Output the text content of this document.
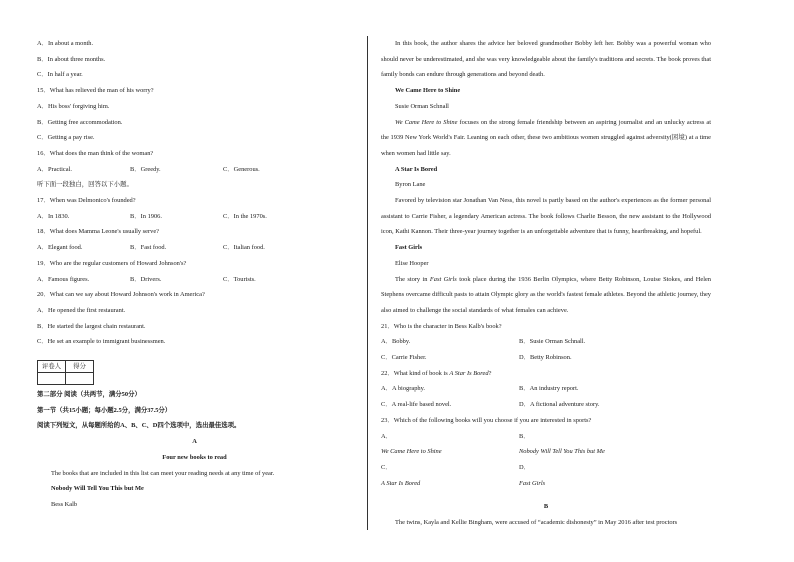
A．In about a month.
B．In about three months.
C．In half a year.
15．What has relieved the man of his worry?
A．His boss' forgiving him.
B．Getting free accommodation.
C．Getting a pay rise.
16．What does the man think of the woman?
A．Practical.	B．Greedy.	C．Generous.
听下面一段独白，回答以下小题。
17．When was Delmonico's founded?
A．In 1830.	B．In 1906.	C．In the 1970s.
18．What does Mamma Leone's usually serve?
A．Elegant food.	B．Fast food.	C．Italian food.
19．Who are the regular customers of Howard Johnson's?
A．Famous figures.	B．Drivers.	C．Tourists.
20．What can we say about Howard Johnson's work in America?
A．He opened the first restaurant.
B．He started the largest chain restaurant.
C．He set an example to immigrant businessmen.
评卷人	得分

第二部分 阅读（共两节，满分50分）
第一节（共15小题；每小题2.5分，满分37.5分）
阅读下列短文，从每题所给的A、B、C、D四个选项中，选出最佳选项。
A
Four new books to read
The books that are included in this list can meet your reading needs at any time of year.
Nobody Will Tell You This but Me
Bess Kalb
In this book, the author shares the advice her beloved grandmother Bobby left her. Bobby was a powerful woman who should never be underestimated, and she was very knowledgeable about the family's traditions and secrets. The book proves that family bonds can endure through generations and beyond death.
We Came Here to Shine
Susie Orman Schnall
We Came Here to Shine focuses on the strong female friendship between an aspiring journalist and an unlucky actress at the 1939 New York World's Fair. Leaning on each other, these two ambitious women struggled against adversity(困境) at a time when women had little say.
A Star Is Bored
Byron Lane
Favored by television star Jonathan Van Ness, this novel is partly based on the author's experiences as the former personal assistant to Carrie Fisher, a legendary American actress. The book follows Charlie Besson, the new assistant to the Hollywood icon, Kathi Kannon. Their three-year journey together is an unforgettable adventure that is funny, heartbreaking, and hopeful.
Fast Girls
Elise Hooper
The story in Fast Girls took place during the 1936 Berlin Olympics, where Betty Robinson, Louise Stokes, and Helen Stephens overcame difficult pasts to attain Olympic glory as the world's fastest female athletes. Beyond the athletic journey, they also aimed to challenge the social standards of what females can achieve.
21．Who is the character in Bess Kalb's book?
A．Bobby.	B．Susie Orman Schnall.
C．Carrie Fisher.	D．Betty Robinson.
22．What kind of book is A Star Is Bored?
A．A biography.	B．An industry report.
C．A real-life based novel.	D．A fictional adventure story.
23．Which of the following books will you choose if you are interested in sports?
A．
We Came Here to Shine
B．
Nobody Will Tell You This but Me
C．
A Star Is Bored
D．
Fast Girls
B
The twins, Kayla and Kellie Bingham, were accused of “academic dishonesty” in May 2016 after test proctors
